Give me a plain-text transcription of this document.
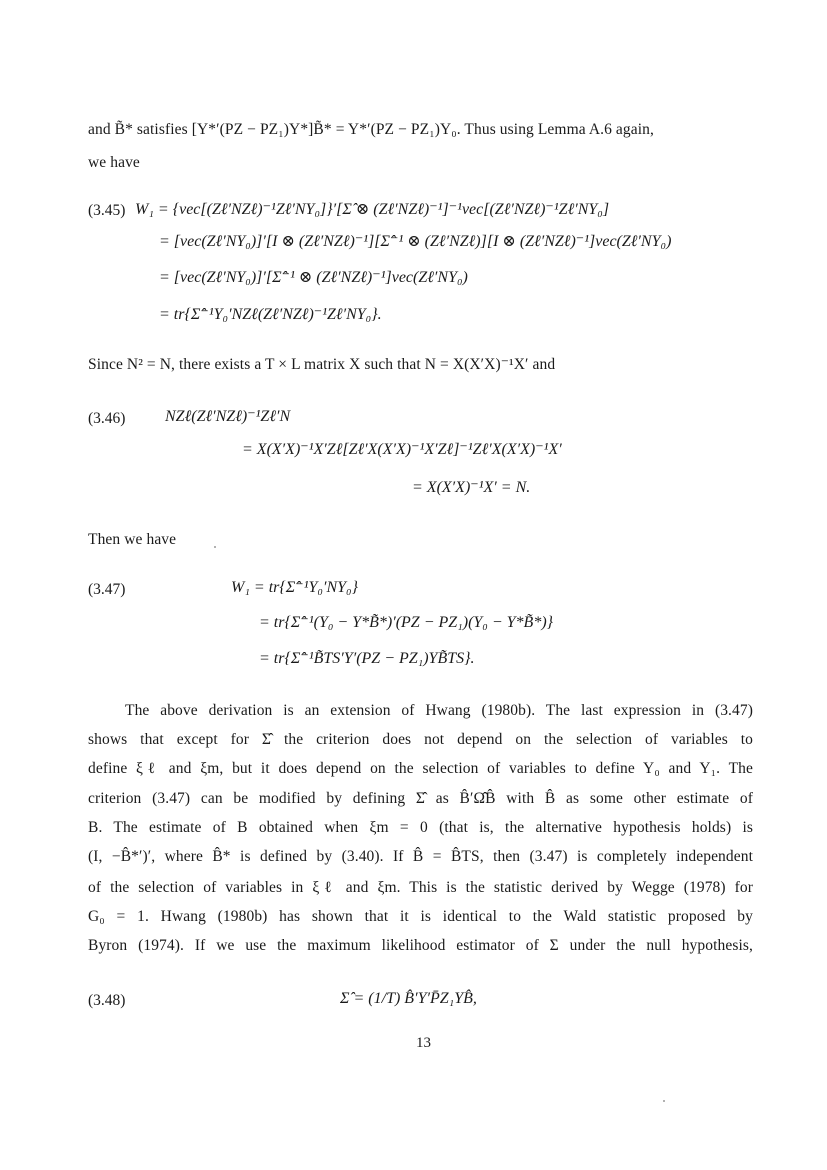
and B̃* satisfies [Y*′(PZ − PZ₁)Y*]B̃* = Y*′(PZ − PZ₁)Y₀. Thus using Lemma A.6 again,
we have
(3.45) W₁ = {vec[(Zℓ′NZℓ)⁻¹Zℓ′NY₀]}′[Σ̂ ⊗ (Zℓ′NZℓ)⁻¹]⁻¹vec[(Zℓ′NZℓ)⁻¹Zℓ′NY₀]
= [vec(Zℓ′NY₀)]′[I ⊗ (Zℓ′NZℓ)⁻¹][Σ̂⁻¹ ⊗ (Zℓ′NZℓ)][I ⊗ (Zℓ′NZℓ)⁻¹]vec(Zℓ′NY₀)
= [vec(Zℓ′NY₀)]′[Σ̂⁻¹ ⊗ (Zℓ′NZℓ)⁻¹]vec(Zℓ′NY₀)
= tr{Σ̂⁻¹Y₀′NZℓ(Zℓ′NZℓ)⁻¹Zℓ′NY₀}.
Since N² = N, there exists a T × L matrix X such that N = X(X′X)⁻¹X′ and
(3.46) NZℓ(Zℓ′NZℓ)⁻¹Zℓ′N
= X(X′X)⁻¹X′Zℓ[Zℓ′X(X′X)⁻¹X′Zℓ]⁻¹Zℓ′X(X′X)⁻¹X′
= X(X′X)⁻¹X′ = N.
Then we have
(3.47)	W₁ = tr{Σ̂⁻¹Y₀′NY₀}
= tr{Σ̂⁻¹(Y₀ − Y*B̃*)′(PZ − PZ₁)(Y₀ − Y*B̃*)}
= tr{Σ̂⁻¹B̃TS′Y′(PZ − PZ₁)YB̃TS}.
The above derivation is an extension of Hwang (1980b). The last expression in (3.47)
shows that except for Σ̂ the criterion does not depend on the selection of variables to
define ξℓ and ξm, but it does depend on the selection of variables to define Y₀ and Y₁. The
criterion (3.47) can be modified by defining Σ̂ as B̂′Ω̂B̂ with B̂ as some other estimate of
B. The estimate of B obtained when ξm = 0 (that is, the alternative hypothesis holds) is
(I, −B̂*′)′, where B̂* is defined by (3.40). If B̂ = B̂TS, then (3.47) is completely independent
of the selection of variables in ξℓ and ξm. This is the statistic derived by Wegge (1978) for
G₀ = 1. Hwang (1980b) has shown that it is identical to the Wald statistic proposed by
Byron (1974). If we use the maximum likelihood estimator of Σ under the null hypothesis,
(3.48)	Σ̂ = (1/T) B̂′Y′P̄Z₁YB̂,
13
